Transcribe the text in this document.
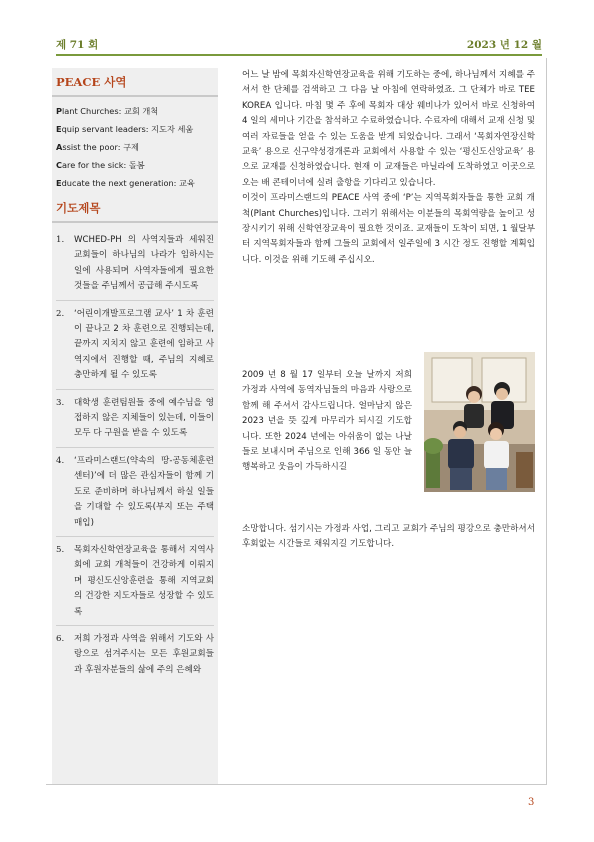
제 71 회	2023 년 12 월
PEACE 사역
Plant Churches: 교회 개척
Equip servant leaders: 지도자 세움
Assist the poor: 구제
Care for the sick: 돌봄
Educate the next generation: 교육
기도제목
1. WCHED-PH 의 사역지들과 세워진 교회들이 하나님의 나라가 임하시는 일에 사용되며 사역자들에게 필요한 것들을 주님께서 공급해 주시도록
2. ‘어린이개발프로그램 교사’ 1 차 훈련이 끝나고 2 차 훈련으로 진행되는데, 끝까지 지치지 않고 훈련에 임하고 사역지에서 진행할 때, 주님의 지혜로 충만하게 될 수 있도록
3. 대학생 훈련팀원들 중에 예수님을 영접하지 않은 지체들이 있는데, 이들이 모두 다 구원을 받을 수 있도록
4. ‘프라미스랜드(약속의 땅-공동체훈련센터)’에 더 많은 관심자들이 함께 기도로 준비하며 하나님께서 하실 일들을 기대할 수 있도록(부지 또는 주택 매입)
5. 목회자신학연장교육을 통해서 지역사회에 교회 개척들이 건강하게 이뤄지며 평신도신앙훈련을 통해 지역교회의 건강한 지도자들로 성장할 수 있도록
6. 저희 가정과 사역을 위해서 기도와 사랑으로 섬겨주시는 모든 후원교회들과 후원자분들의 삶에 주의 은혜와

어느 날 밤에 목회자신학연장교육을 위해 기도하는 중에, 하나님께서 지혜를 주셔서 한 단체를 검색하고 그 다음 날 아침에 연락하였죠. 그 단체가 바로 TEE KOREA 입니다. 마침 몇 주 후에 목회자 대상 웨비나가 있어서 바로 신청하여 4 일의 세미나 기간을 참석하고 수료하였습니다. 수료자에 대해서 교재 신청 및 여러 자료들을 얻을 수 있는 도움을 받게 되었습니다. 그래서 ‘목회자연장신학교육’ 용으로 신구약성경개론과 교회에서 사용할 수 있는 ‘평신도신앙교육’ 용으로 교재를 신청하였습니다. 현재 이 교재들은 마닐라에 도착하였고 이곳으로 오는 배 콘테이너에 실려 출항을 기다리고 있습니다.

이것이 프라미스랜드의 PEACE 사역 중에 ‘P’는 지역목회자들을 통한 교회 개척(Plant Churches)입니다. 그러기 위해서는 이분들의 목회역량을 높이고 성장시키기 위해 신학연장교육이 필요한 것이죠. 교재들이 도착이 되면, 1 월달부터 지역목회자들과 함께 그들의 교회에서 일주일에 3 시간 정도 진행할 계획입니다. 이것을 위해 기도해 주십시오.

2009 년 8 월 17 일부터 오늘 날까지 저희 가정과 사역에 동역자님들의 마음과 사랑으로 함께 해 주셔서 감사드립니다. 얼마남지 않은 2023 년을 뜻 깊게 마무리가 되시길 기도합니다. 또한 2024 년에는 아쉬움이 없는 나날들로 보내시며 주님으로 인해 366 일 동안 늘 행복하고 웃음이 가득하시길
소망합니다. 섬기시는 가정과 사업, 그리고 교회가 주님의 평강으로 충만하셔서 후회없는 시간들로 채워지길 기도합니다.
3
